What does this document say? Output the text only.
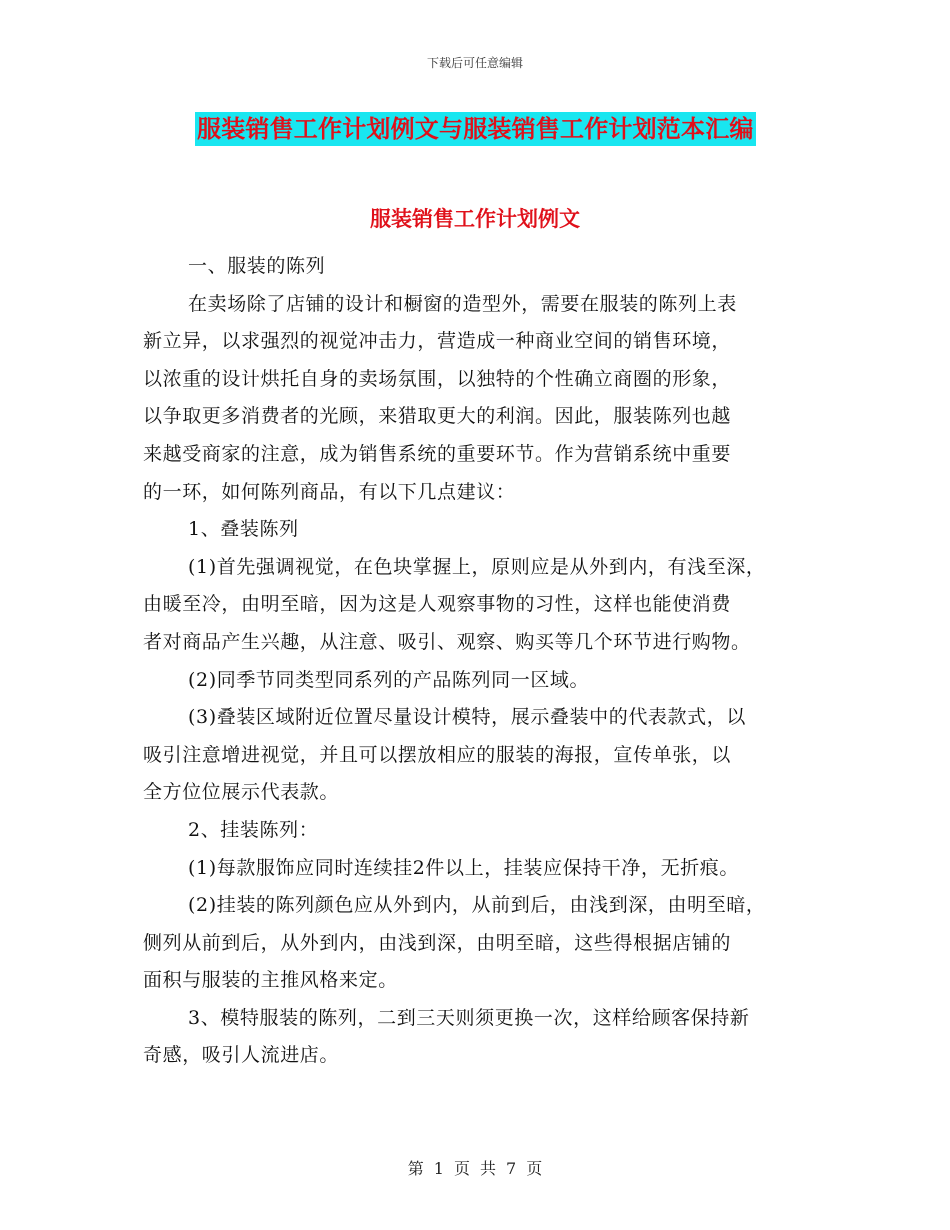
下载后可任意编辑
服装销售工作计划例文与服装销售工作计划范本汇编
服装销售工作计划例文

一、服装的陈列

在卖场除了店铺的设计和橱窗的造型外，需要在服装的陈列上表

新立异，以求强烈的视觉冲击力，营造成一种商业空间的销售环境，

以浓重的设计烘托自身的卖场氛围，以独特的个性确立商圈的形象，

以争取更多消费者的光顾，来猎取更大的利润。因此，服装陈列也越

来越受商家的注意，成为销售系统的重要环节。作为营销系统中重要

的一环，如何陈列商品，有以下几点建议：

1、叠装陈列

(1)首先强调视觉，在色块掌握上，原则应是从外到内，有浅至深，

由暖至冷，由明至暗，因为这是人观察事物的习性，这样也能使消费

者对商品产生兴趣，从注意、吸引、观察、购买等几个环节进行购物。

(2)同季节同类型同系列的产品陈列同一区域。

(3)叠装区域附近位置尽量设计模特，展示叠装中的代表款式，以

吸引注意增进视觉，并且可以摆放相应的服装的海报，宣传单张，以

全方位位展示代表款。

2、挂装陈列：

(1)每款服饰应同时连续挂2件以上，挂装应保持干净，无折痕。

(2)挂装的陈列颜色应从外到内，从前到后，由浅到深，由明至暗，

侧列从前到后，从外到内，由浅到深，由明至暗，这些得根据店铺的

面积与服装的主推风格来定。

3、模特服装的陈列，二到三天则须更换一次，这样给顾客保持新

奇感，吸引人流进店。

第 1 页 共 7 页
